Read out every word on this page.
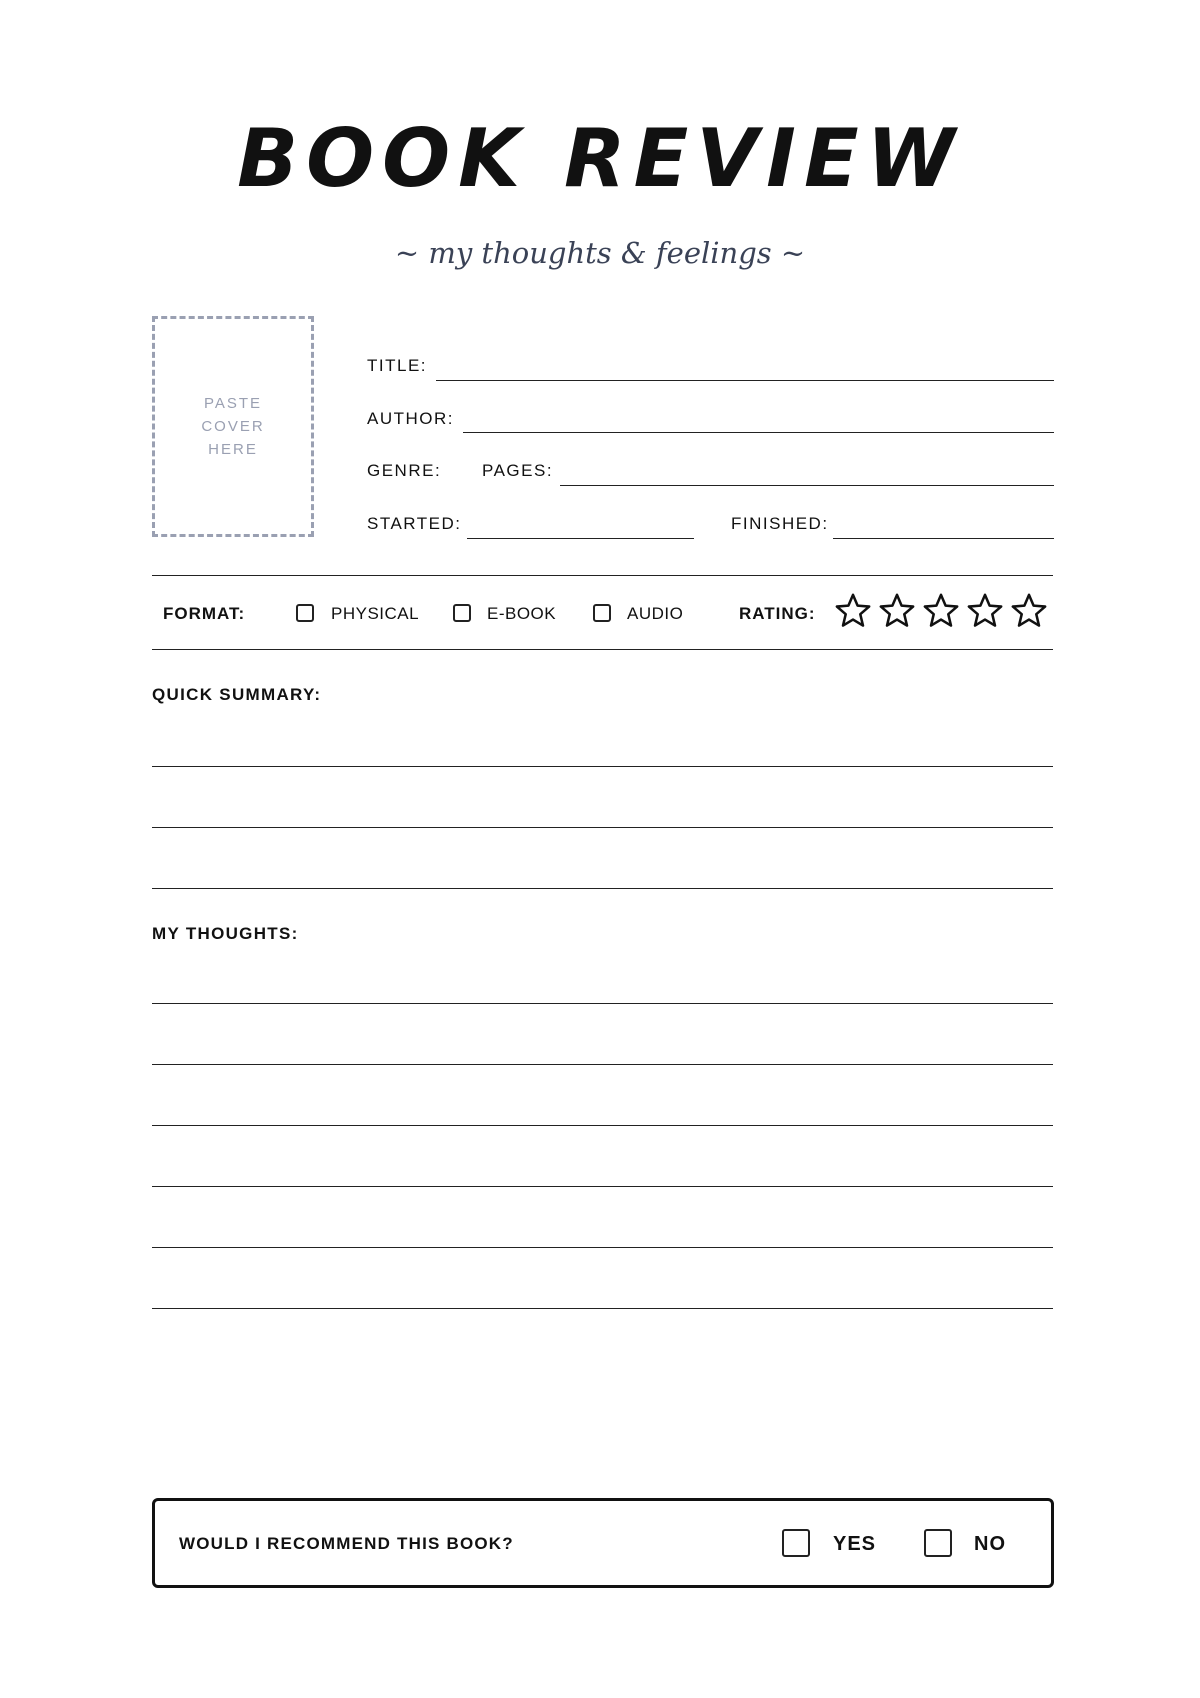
BOOK REVIEW
~ my thoughts & feelings ~
PASTE
COVER
HERE
TITLE:
AUTHOR:
GENRE: PAGES:
STARTED:	FINISHED:
FORMAT:	PHYSICAL	E-BOOK	AUDIO	RATING:
QUICK SUMMARY:
MY THOUGHTS:
WOULD I RECOMMEND THIS BOOK?	YES	NO
